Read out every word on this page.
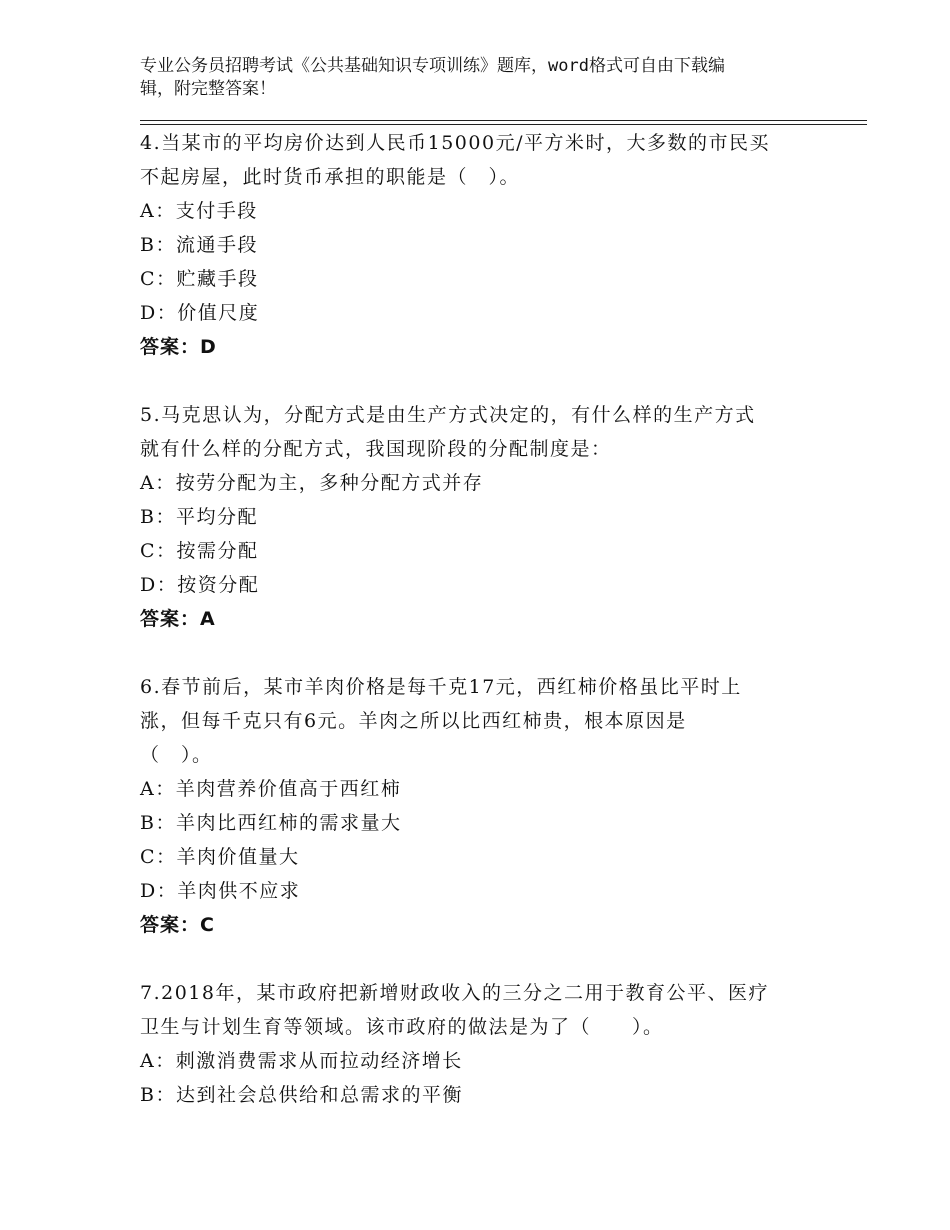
专业公务员招聘考试《公共基础知识专项训练》题库，word格式可自由下载编
辑，附完整答案！
4.当某市的平均房价达到人民币15000元/平方米时，大多数的市民买
不起房屋，此时货币承担的职能是（　）。
A：支付手段
B：流通手段
C：贮藏手段
D：价值尺度
答案：D
5.马克思认为，分配方式是由生产方式决定的，有什么样的生产方式
就有什么样的分配方式，我国现阶段的分配制度是：
A：按劳分配为主，多种分配方式并存
B：平均分配
C：按需分配
D：按资分配
答案：A
6.春节前后，某市羊肉价格是每千克17元，西红柿价格虽比平时上
涨，但每千克只有6元。羊肉之所以比西红柿贵，根本原因是
（　）。
A：羊肉营养价值高于西红柿
B：羊肉比西红柿的需求量大
C：羊肉价值量大
D：羊肉供不应求
答案：C
7.2018年，某市政府把新增财政收入的三分之二用于教育公平、医疗
卫生与计划生育等领域。该市政府的做法是为了（　　）。
A：刺激消费需求从而拉动经济增长
B：达到社会总供给和总需求的平衡
